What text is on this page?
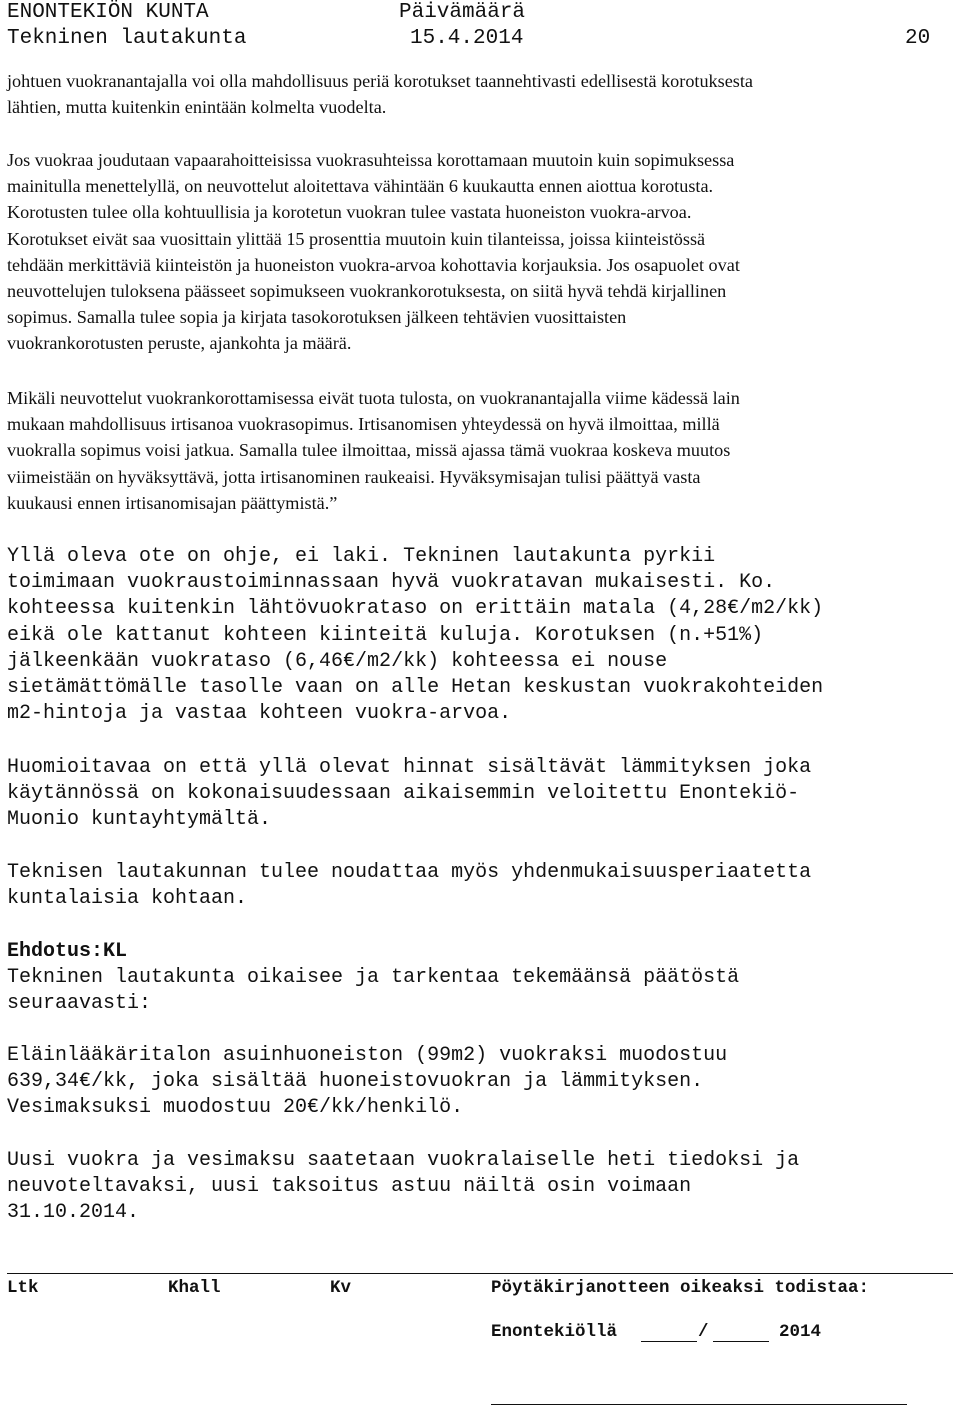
ENONTEKIÖN KUNTA	Päivämäärä
Tekninen lautakunta	15.4.2014	20
johtuen vuokranantajalla voi olla mahdollisuus periä korotukset taannehtivasti edellisestä korotuksesta
lähtien, mutta kuitenkin enintään kolmelta vuodelta.
Jos vuokraa joudutaan vapaarahoitteisissa vuokrasuhteissa korottamaan muutoin kuin sopimuksessa
mainitulla menettelyllä, on neuvottelut aloitettava vähintään 6 kuukautta ennen aiottua korotusta.
Korotusten tulee olla kohtuullisia ja korotetun vuokran tulee vastata huoneiston vuokra-arvoa.
Korotukset eivät saa vuosittain ylittää 15 prosenttia muutoin kuin tilanteissa, joissa kiinteistössä
tehdään merkittäviä kiinteistön ja huoneiston vuokra-arvoa kohottavia korjauksia. Jos osapuolet ovat
neuvottelujen tuloksena päässeet sopimukseen vuokrankorotuksesta, on siitä hyvä tehdä kirjallinen
sopimus. Samalla tulee sopia ja kirjata tasokorotuksen jälkeen tehtävien vuosittaisten
vuokrankorotusten peruste, ajankohta ja määrä.
Mikäli neuvottelut vuokrankorottamisessa eivät tuota tulosta, on vuokranantajalla viime kädessä lain
mukaan mahdollisuus irtisanoa vuokrasopimus. Irtisanomisen yhteydessä on hyvä ilmoittaa, millä
vuokralla sopimus voisi jatkua. Samalla tulee ilmoittaa, missä ajassa tämä vuokraa koskeva muutos
viimeistään on hyväksyttävä, jotta irtisanominen raukeaisi. Hyväksymisajan tulisi päättyä vasta
kuukausi ennen irtisanomisajan päättymistä.”
Yllä oleva ote on ohje, ei laki. Tekninen lautakunta pyrkii
toimimaan vuokraustoiminnassaan hyvä vuokratavan mukaisesti. Ko.
kohteessa kuitenkin lähtövuokrataso on erittäin matala (4,28€/m2/kk)
eikä ole kattanut kohteen kiinteitä kuluja. Korotuksen (n.+51%)
jälkeenkään vuokrataso (6,46€/m2/kk) kohteessa ei nouse
sietämättömälle tasolle vaan on alle Hetan keskustan vuokrakohteiden
m2-hintoja ja vastaa kohteen vuokra-arvoa.
Huomioitavaa on että yllä olevat hinnat sisältävät lämmityksen joka
käytännössä on kokonaisuudessaan aikaisemmin veloitettu Enontekiö-
Muonio kuntayhtymältä.
Teknisen lautakunnan tulee noudattaa myös yhdenmukaisuusperiaatetta
kuntalaisia kohtaan.
Ehdotus:KL
Tekninen lautakunta oikaisee ja tarkentaa tekemäänsä päätöstä
seuraavasti:
Eläinlääkäritalon asuinhuoneiston (99m2) vuokraksi muodostuu
639,34€/kk, joka sisältää huoneistovuokran ja lämmityksen.
Vesimaksuksi muodostuu 20€/kk/henkilö.
Uusi vuokra ja vesimaksu saatetaan vuokralaiselle heti tiedoksi ja
neuvoteltavaksi, uusi taksoitus astuu näiltä osin voimaan
31.10.2014.
Ltk	Khall	Kv	Pöytäkirjanotteen oikeaksi todistaa:
Enontekiöllä	/	2014
